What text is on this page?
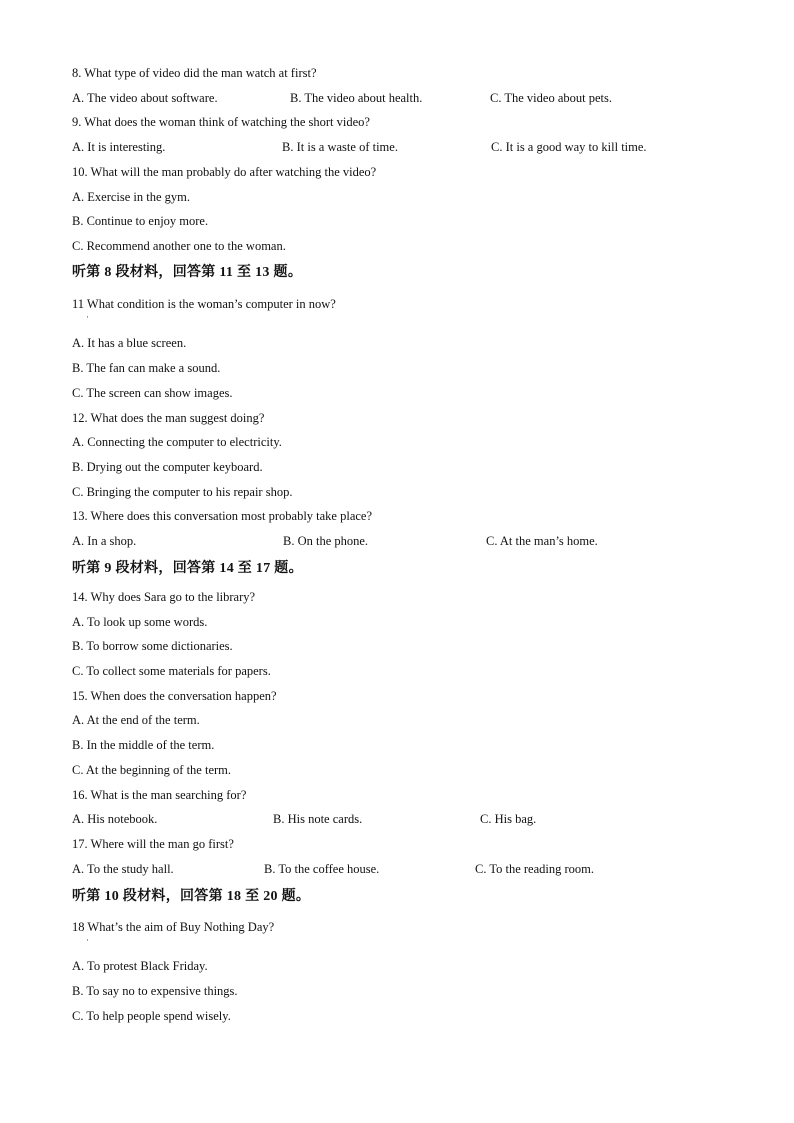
8. What type of video did the man watch at first?
A. The video about software.	B. The video about health.	C. The video about pets.
9. What does the woman think of watching the short video?
A. It is interesting.	B. It is a waste of time.	C. It is a good way to kill time.
10. What will the man probably do after watching the video?
A. Exercise in the gym.
B. Continue to enjoy more.
C. Recommend another one to the woman.
听第 8 段材料，回答第 11 至 13 题。
11 What condition is the woman’s computer in now?
·
A. It has a blue screen.
B. The fan can make a sound.
C. The screen can show images.
12. What does the man suggest doing?
A. Connecting the computer to electricity.
B. Drying out the computer keyboard.
C. Bringing the computer to his repair shop.
13. Where does this conversation most probably take place?
A. In a shop.	B. On the phone.	C. At the man’s home.
听第 9 段材料，回答第 14 至 17 题。
14. Why does Sara go to the library?
A. To look up some words.
B. To borrow some dictionaries.
C. To collect some materials for papers.
15. When does the conversation happen?
A. At the end of the term.
B. In the middle of the term.
C. At the beginning of the term.
16. What is the man searching for?
A. His notebook.	B. His note cards.	C. His bag.
17. Where will the man go first?
A. To the study hall.	B. To the coffee house.	C. To the reading room.
听第 10 段材料，回答第 18 至 20 题。
18 What’s the aim of Buy Nothing Day?
·
A. To protest Black Friday.
B. To say no to expensive things.
C. To help people spend wisely.
